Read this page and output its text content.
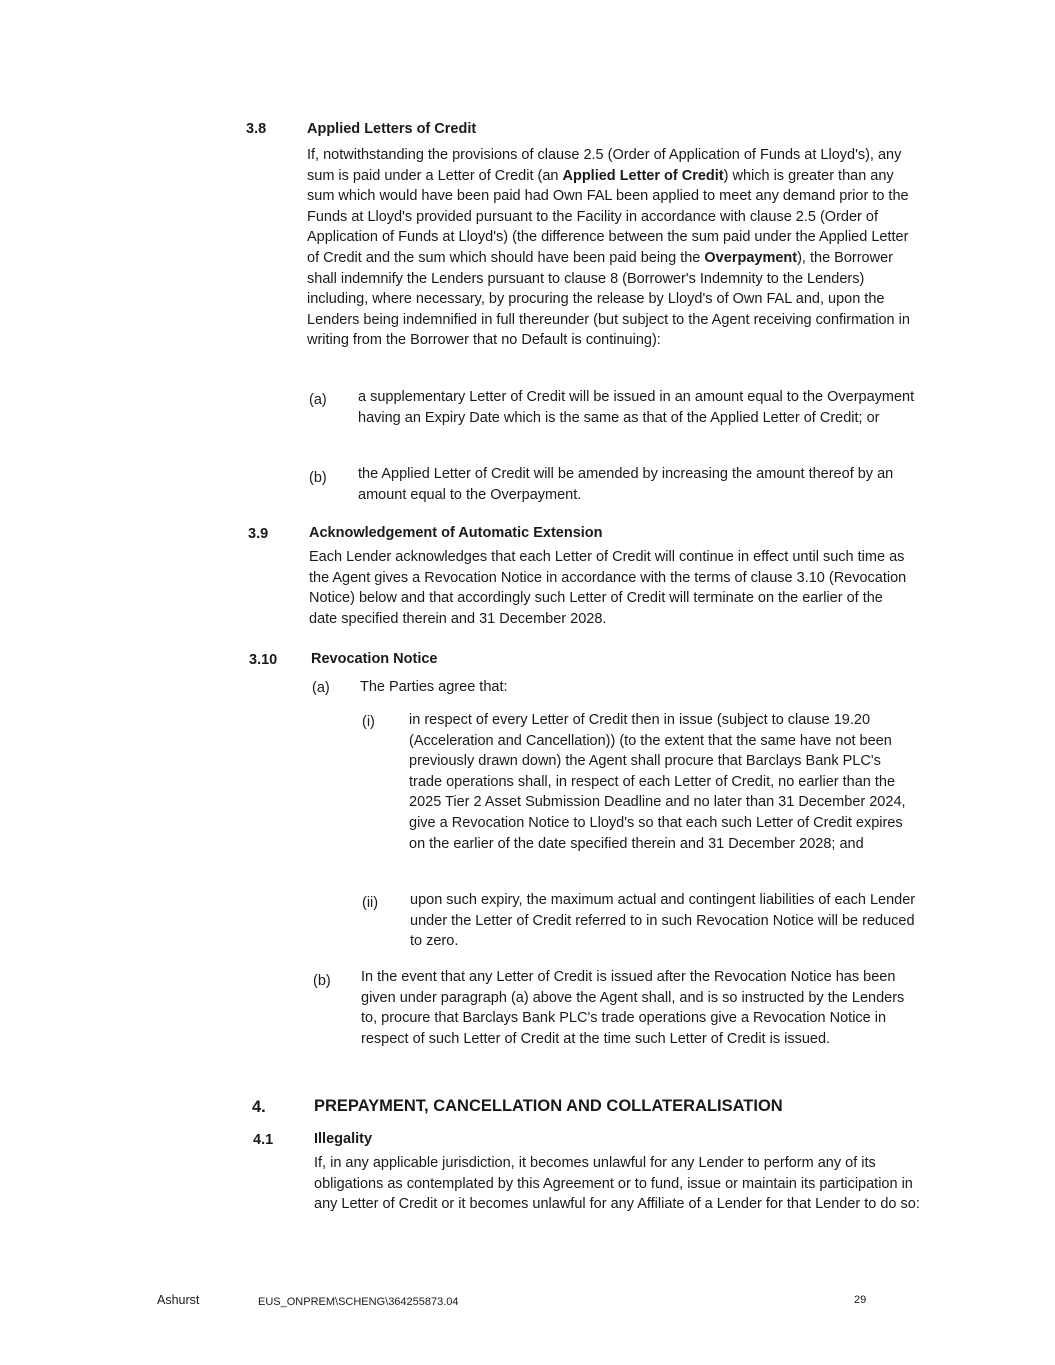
3.8	Applied Letters of Credit

If, notwithstanding the provisions of clause 2.5 (Order of Application of Funds at Lloyd's), any sum is paid under a Letter of Credit (an Applied Letter of Credit) which is greater than any sum which would have been paid had Own FAL been applied to meet any demand prior to the Funds at Lloyd's provided pursuant to the Facility in accordance with clause 2.5 (Order of Application of Funds at Lloyd's) (the difference between the sum paid under the Applied Letter of Credit and the sum which should have been paid being the Overpayment), the Borrower shall indemnify the Lenders pursuant to clause 8 (Borrower's Indemnity to the Lenders) including, where necessary, by procuring the release by Lloyd's of Own FAL and, upon the Lenders being indemnified in full thereunder (but subject to the Agent receiving confirmation in writing from the Borrower that no Default is continuing):

(a) a supplementary Letter of Credit will be issued in an amount equal to the Overpayment having an Expiry Date which is the same as that of the Applied Letter of Credit; or

(b) the Applied Letter of Credit will be amended by increasing the amount thereof by an amount equal to the Overpayment.

3.9	Acknowledgement of Automatic Extension

Each Lender acknowledges that each Letter of Credit will continue in effect until such time as the Agent gives a Revocation Notice in accordance with the terms of clause 3.10 (Revocation Notice) below and that accordingly such Letter of Credit will terminate on the earlier of the date specified therein and 31 December 2028.

3.10 Revocation Notice
(a) The Parties agree that:
(i) in respect of every Letter of Credit then in issue (subject to clause 19.20 (Acceleration and Cancellation)) (to the extent that the same have not been previously drawn down) the Agent shall procure that Barclays Bank PLC's trade operations shall, in respect of each Letter of Credit, no earlier than the 2025 Tier 2 Asset Submission Deadline and no later than 31 December 2024, give a Revocation Notice to Lloyd's so that each such Letter of Credit expires on the earlier of the date specified therein and 31 December 2028; and

(ii) upon such expiry, the maximum actual and contingent liabilities of each Lender under the Letter of Credit referred to in such Revocation Notice will be reduced to zero.

(b) In the event that any Letter of Credit is issued after the Revocation Notice has been given under paragraph (a) above the Agent shall, and is so instructed by the Lenders to, procure that Barclays Bank PLC's trade operations give a Revocation Notice in respect of such Letter of Credit at the time such Letter of Credit is issued.

4.	PREPAYMENT, CANCELLATION AND COLLATERALISATION
4.1	Illegality

If, in any applicable jurisdiction, it becomes unlawful for any Lender to perform any of its obligations as contemplated by this Agreement or to fund, issue or maintain its participation in any Letter of Credit or it becomes unlawful for any Affiliate of a Lender for that Lender to do so:

Ashurst	EUS_ONPREM\SCHENG\364255873.04	29
